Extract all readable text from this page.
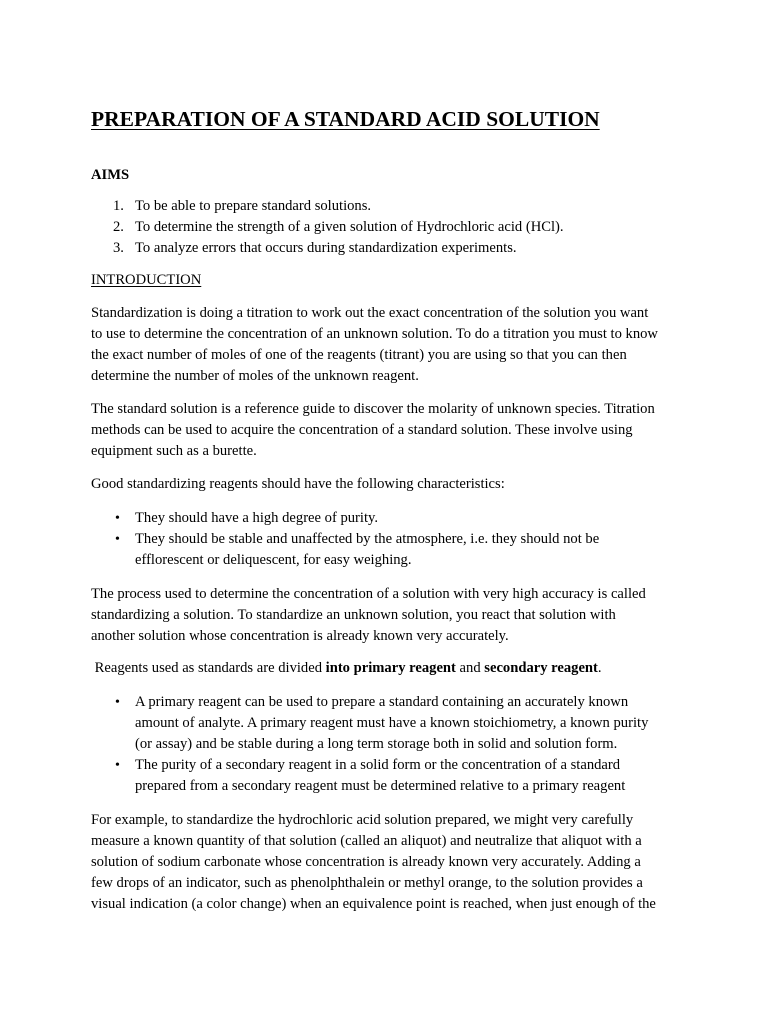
PREPARATION OF A STANDARD ACID SOLUTION
AIMS
1. To be able to prepare standard solutions.
2. To determine the strength of a given solution of Hydrochloric acid (HCl).
3. To analyze errors that occurs during standardization experiments.
INTRODUCTION

Standardization is doing a titration to work out the exact concentration of the solution you want
to use to determine the concentration of an unknown solution. To do a titration you must to know
the exact number of moles of one of the reagents (titrant) you are using so that you can then
determine the number of moles of the unknown reagent.

The standard solution is a reference guide to discover the molarity of unknown species. Titration
methods can be used to acquire the concentration of a standard solution. These involve using
equipment such as a burette.

Good standardizing reagents should have the following characteristics:

• They should have a high degree of purity.
• They should be stable and unaffected by the atmosphere, i.e. they should not be
efflorescent or deliquescent, for easy weighing.

The process used to determine the concentration of a solution with very high accuracy is called
standardizing a solution. To standardize an unknown solution, you react that solution with
another solution whose concentration is already known very accurately.

Reagents used as standards are divided into primary reagent and secondary reagent.

• A primary reagent can be used to prepare a standard containing an accurately known
amount of analyte. A primary reagent must have a known stoichiometry, a known purity
(or assay) and be stable during a long term storage both in solid and solution form.
• The purity of a secondary reagent in a solid form or the concentration of a standard
prepared from a secondary reagent must be determined relative to a primary reagent

For example, to standardize the hydrochloric acid solution prepared, we might very carefully
measure a known quantity of that solution (called an aliquot) and neutralize that aliquot with a
solution of sodium carbonate whose concentration is already known very accurately. Adding a
few drops of an indicator, such as phenolphthalein or methyl orange, to the solution provides a
visual indication (a color change) when an equivalence point is reached, when just enough of the
